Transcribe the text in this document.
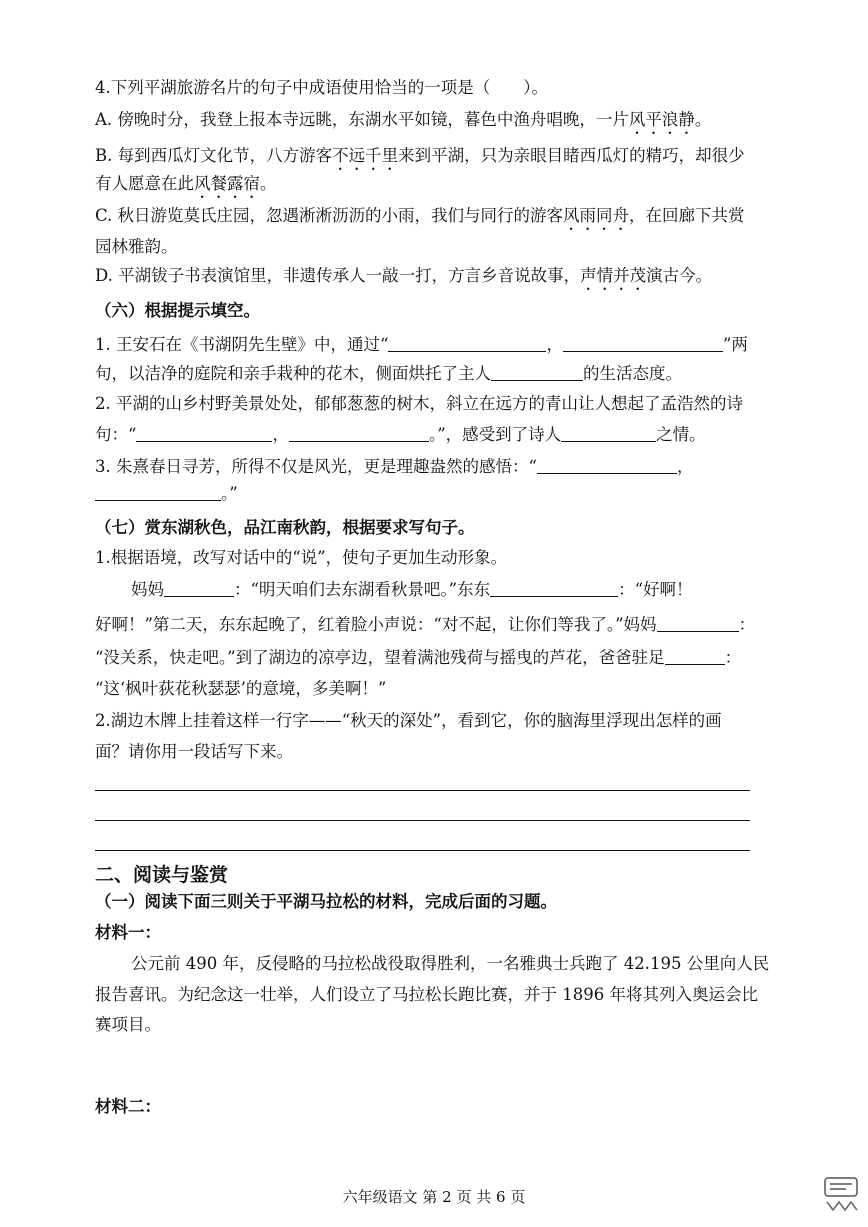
4.下列平湖旅游名片的句子中成语使用恰当的一项是（　　）。
A. 傍晚时分，我登上报本寺远眺，东湖水平如镜，暮色中渔舟唱晚，一片风平浪静。
B. 每到西瓜灯文化节，八方游客不远千里来到平湖，只为亲眼目睹西瓜灯的精巧，却很少
有人愿意在此风餐露宿。
C. 秋日游览莫氏庄园，忽遇淅淅沥沥的小雨，我们与同行的游客风雨同舟，在回廊下共赏
园林雅韵。
D. 平湖钹子书表演馆里，非遗传承人一敲一打，方言乡音说故事，声情并茂演古今。
（六）根据提示填空。
1. 王安石在《书湖阴先生壁》中，通过“	，	”两
句，以洁净的庭院和亲手栽种的花木，侧面烘托了主人	的生活态度。
2. 平湖的山乡村野美景处处，郁郁葱葱的树木，斜立在远方的青山让人想起了孟浩然的诗
句：“	，	。”，感受到了诗人	之情。
3. 朱熹春日寻芳，所得不仅是风光，更是理趣盎然的感悟：“	，
。”
（七）赏东湖秋色，品江南秋韵，根据要求写句子。
1.根据语境，改写对话中的“说”，使句子更加生动形象。
妈妈	：“明天咱们去东湖看秋景吧。”东东	：“好啊！
好啊！”第二天，东东起晚了，红着脸小声说：“对不起，让你们等我了。”妈妈	：
“没关系，快走吧。”到了湖边的凉亭边，望着满池残荷与摇曳的芦花，爸爸驻足	：
“这‘枫叶荻花秋瑟瑟’的意境，多美啊！”
2.湖边木牌上挂着这样一行字——“秋天的深处”，看到它，你的脑海里浮现出怎样的画
面？请你用一段话写下来。
二、阅读与鉴赏
（一）阅读下面三则关于平湖马拉松的材料，完成后面的习题。
材料一：
公元前 490 年，反侵略的马拉松战役取得胜利，一名雅典士兵跑了 42.195 公里向人民
报告喜讯。为纪念这一壮举，人们设立了马拉松长跑比赛，并于 1896 年将其列入奥运会比
赛项目。
材料二：
六年级语文 第 2 页 共 6 页
